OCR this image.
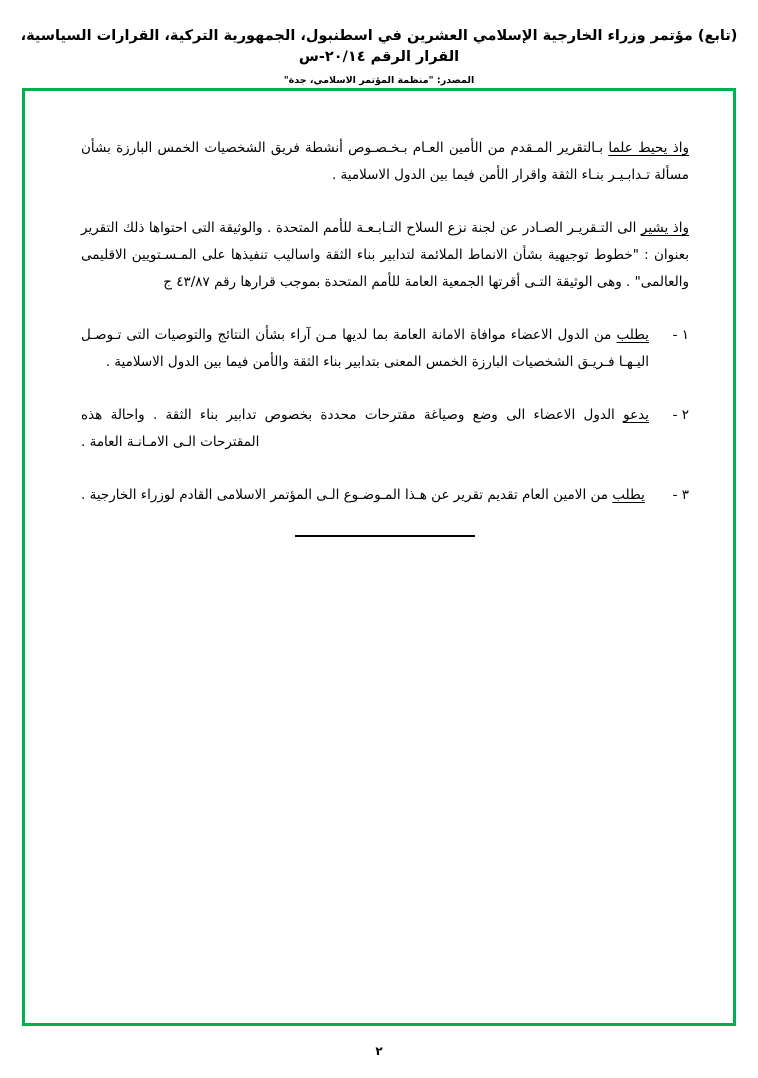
(تابع) مؤتمر وزراء الخارجية الإسلامي العشرين في اسطنبول، الجمهورية التركية، القرارات السياسية، القرار الرقم ٢٠/١٤-س
المصدر: "منظمة المؤتمر الاسلامي، جدة"
واذ يحيط علما بـالتقرير المـقدم من الأمين العـام بـخـصـوص أنشطة فريق الشخصيات الخمس البارزة بشأن مسألة تـدابـيـر بنـاء الثقة واقرار الأمن فيما بين الدول الاسلامية .
واذ يشير الى التـقريـر الصـادر عن لجنة نزع السلاح التـابـعـة للأمم المتحدة . والوثيقة التى احتواها ذلك التقرير بعنوان : "خطوط توجيهية بشأن الانماط الملائمة لتدابير بناء الثقة واساليب تنفيذها على المـسـتويين الاقليمى والعالمى" . وهى الوثيقة التـى أقرتها الجمعية العامة للأمم المتحدة بموجب قرارها رقم ٤٣/٨٧ ج
١ -
يطلب من الدول الاعضاء موافاة الامانة العامة بما لديها مـن آراء بشأن النتائج والتوصيات التى تـوصـل اليـهـا فـريـق الشخصيات البارزة الخمس المعنى بتدابير بناء الثقة والأمن فيما بين الدول الاسلامية .
٢ -
يدعو الدول الاعضاء الى وضع وصياغة مقترحات محددة بخصوص تدابير بناء الثقة . واحالة هذه المقترحات الـى الامـانـة العامة .
٣ -
يطلب من الامين العام تقديم تقرير عن هـذا المـوضـوع الـى المؤتمر الاسلامى القادم لوزراء الخارجية .
٢
